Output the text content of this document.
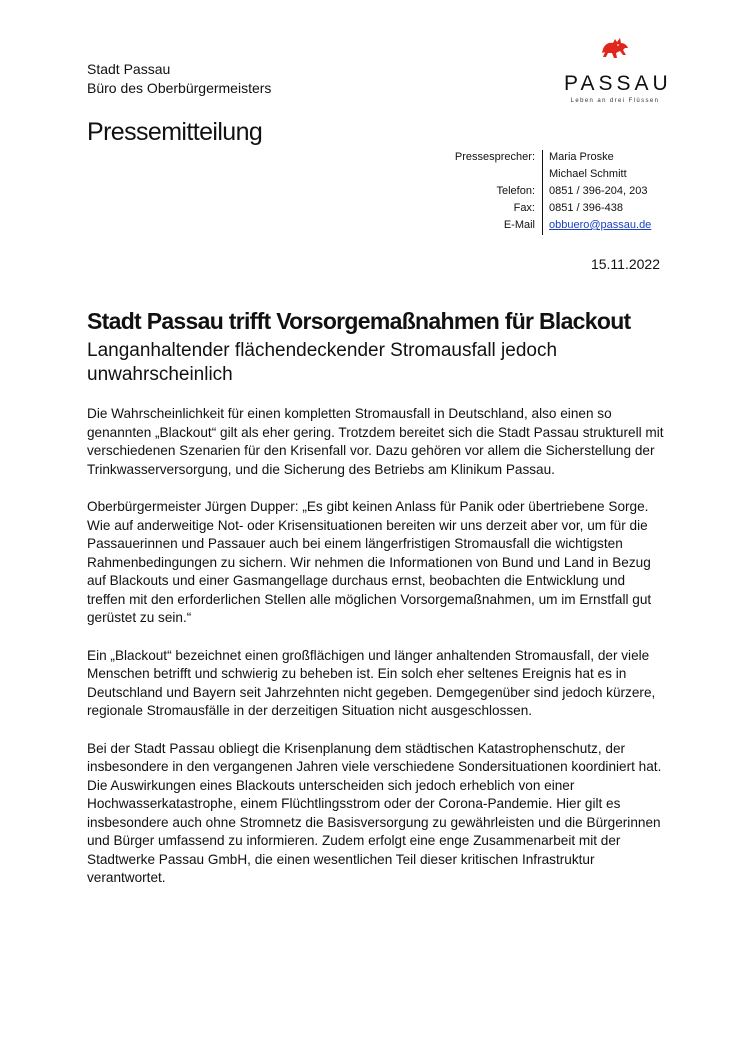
Stadt Passau
Büro des Oberbürgermeisters	PASSAU
Leben an drei Flüssen
Pressemitteilung
Pressesprecher:	Maria Proske
	Michael Schmitt
Telefon:	0851 / 396-204, 203
Fax:	0851 / 396-438
E-Mail	obbuero@passau.de
15.11.2022
Stadt Passau trifft Vorsorgemaßnahmen für Blackout
Langanhaltender flächendeckender Stromausfall jedoch unwahrscheinlich

Die Wahrscheinlichkeit für einen kompletten Stromausfall in Deutschland, also einen so genannten „Blackout“ gilt als eher gering. Trotzdem bereitet sich die Stadt Passau strukturell mit verschiedenen Szenarien für den Krisenfall vor. Dazu gehören vor allem die Sicherstellung der Trinkwasserversorgung, und die Sicherung des Betriebs am Klinikum Passau.

Oberbürgermeister Jürgen Dupper: „Es gibt keinen Anlass für Panik oder übertriebene Sorge. Wie auf anderweitige Not- oder Krisensituationen bereiten wir uns derzeit aber vor, um für die Passauerinnen und Passauer auch bei einem längerfristigen Stromausfall die wichtigsten Rahmenbedingungen zu sichern. Wir nehmen die Informationen von Bund und Land in Bezug auf Blackouts und einer Gasmangellage durchaus ernst, beobachten die Entwicklung und treffen mit den erforderlichen Stellen alle möglichen Vorsorgemaßnahmen, um im Ernstfall gut gerüstet zu sein.“

Ein „Blackout“ bezeichnet einen großflächigen und länger anhaltenden Stromausfall, der viele Menschen betrifft und schwierig zu beheben ist. Ein solch eher seltenes Ereignis hat es in Deutschland und Bayern seit Jahrzehnten nicht gegeben. Demgegenüber sind jedoch kürzere, regionale Stromausfälle in der derzeitigen Situation nicht ausgeschlossen.

Bei der Stadt Passau obliegt die Krisenplanung dem städtischen Katastrophenschutz, der insbesondere in den vergangenen Jahren viele verschiedene Sondersituationen koordiniert hat. Die Auswirkungen eines Blackouts unterscheiden sich jedoch erheblich von einer Hochwasserkatastrophe, einem Flüchtlingsstrom oder der Corona-Pandemie. Hier gilt es insbesondere auch ohne Stromnetz die Basisversorgung zu gewährleisten und die Bürgerinnen und Bürger umfassend zu informieren. Zudem erfolgt eine enge Zusammenarbeit mit der Stadtwerke Passau GmbH, die einen wesentlichen Teil dieser kritischen Infrastruktur verantwortet.
